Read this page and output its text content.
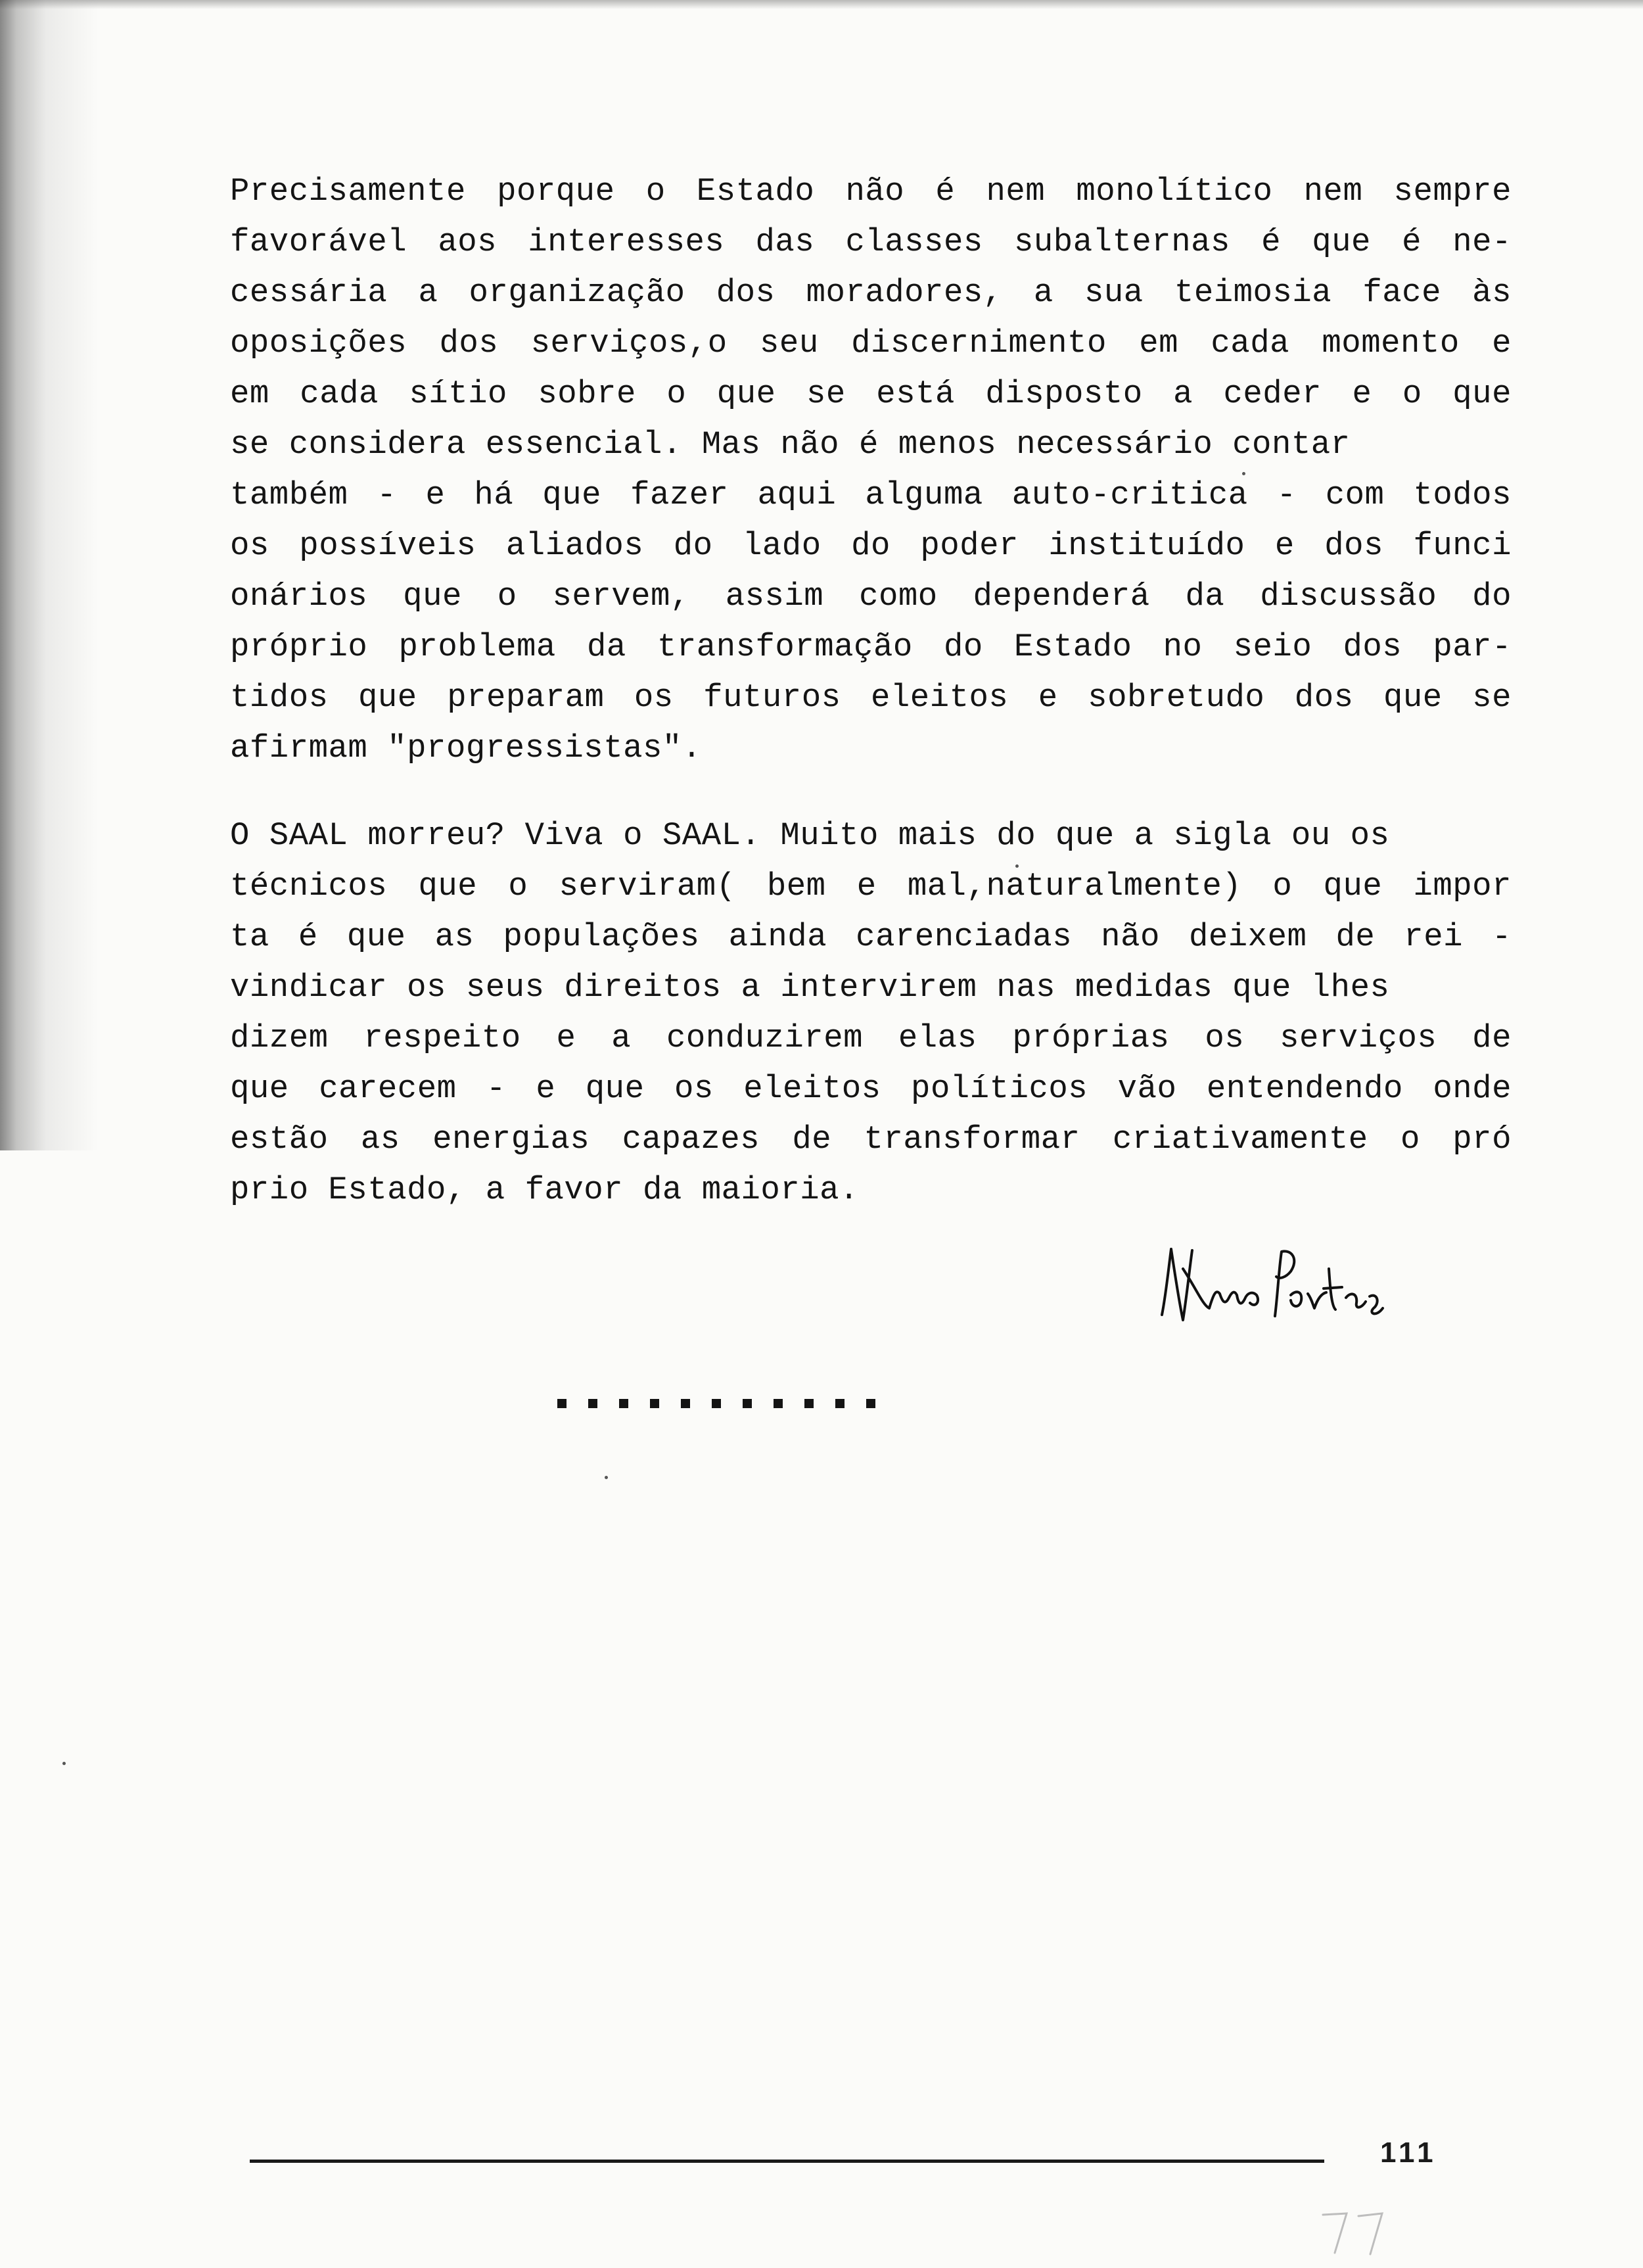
Precisamente porque o Estado não é nem monolítico nem sempre
favorável aos interesses das classes subalternas é que é ne-
cessária a organização dos moradores, a sua teimosia face às
oposições dos serviços,o seu discernimento em cada momento e
em cada sítio sobre o que se está disposto a ceder e o que
se considera essencial. Mas não é menos necessário contar
também - e há que fazer aqui alguma auto-critica - com todos
os possíveis aliados do lado do poder instituído e dos funci
onários que o servem, assim como dependerá da discussão do
próprio problema da transformação do Estado no seio dos par-
tidos que preparam os futuros eleitos e sobretudo dos que se
afirmam "progressistas".
O SAAL morreu? Viva o SAAL. Muito mais do que a sigla ou os
técnicos que o serviram( bem e mal,naturalmente) o que impor
ta é que as populações ainda carenciadas não deixem de rei -
vindicar os seus direitos a intervirem nas medidas que lhes
dizem respeito e a conduzirem elas próprias os serviços de
que carecem - e que os eleitos políticos vão entendendo onde
estão as energias capazes de transformar criativamente o pró
prio Estado, a favor da maioria.
111
